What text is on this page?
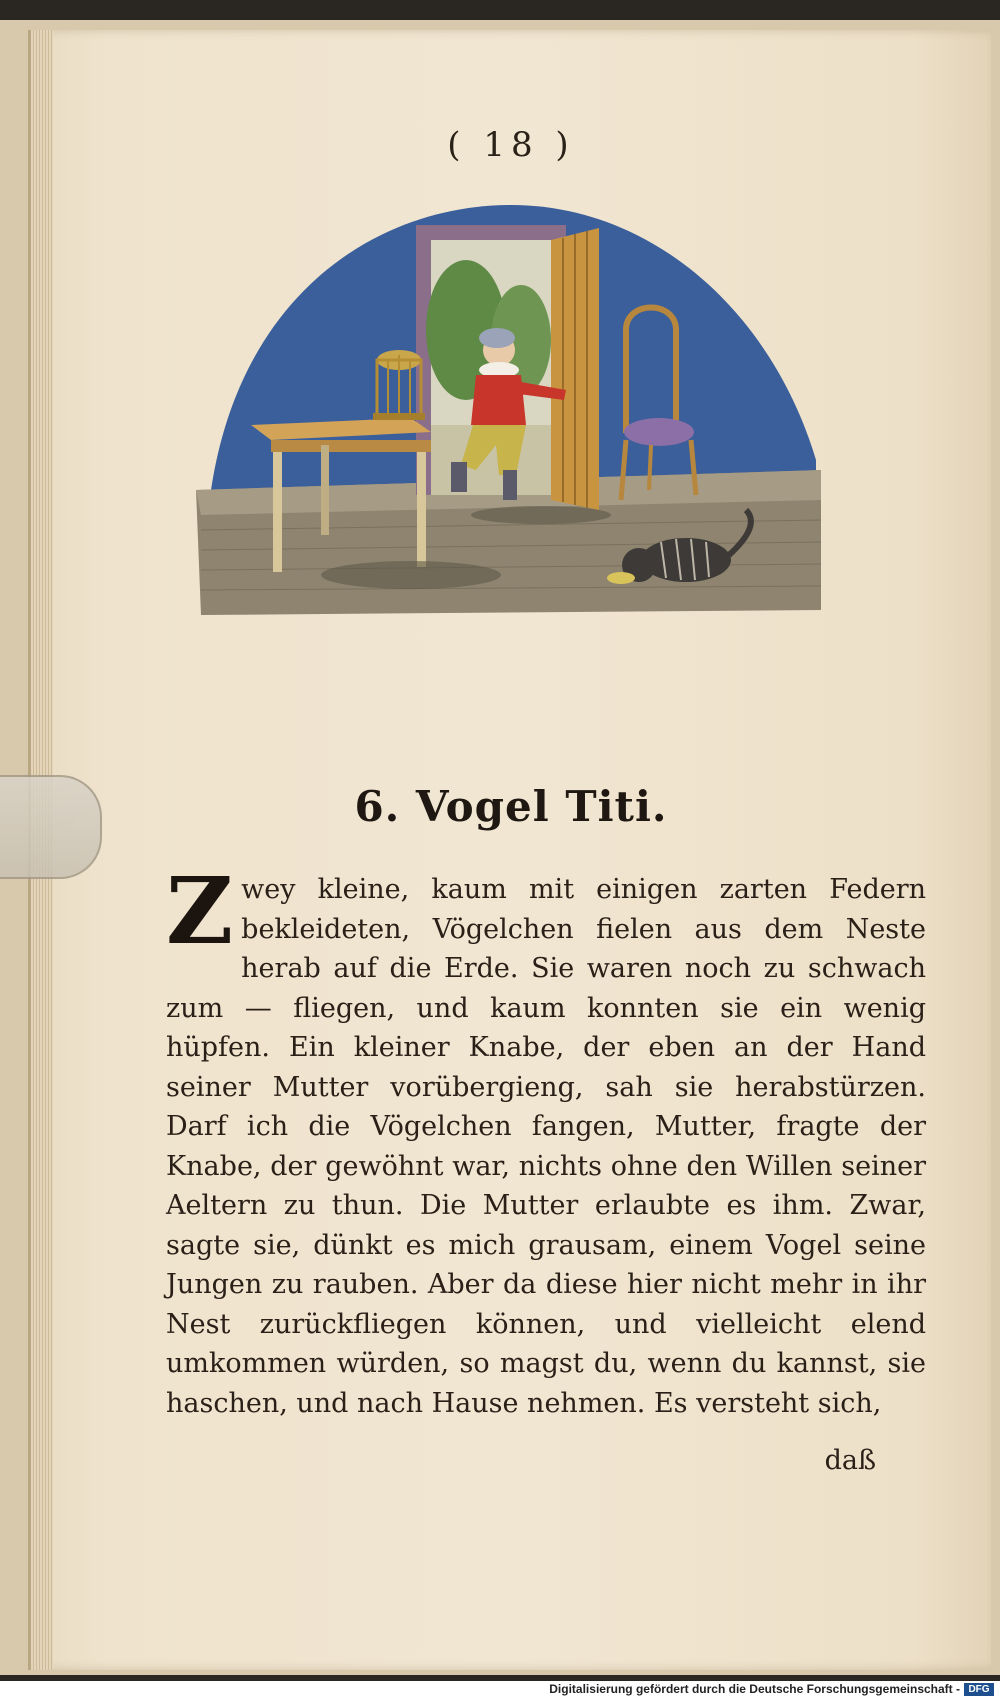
( 18 )
6. Vogel Titi.
Zwey kleine, kaum mit einigen zarten Federn bekleideten, Vögelchen fielen aus dem Neste herab auf die Erde. Sie waren noch zu schwach zum — fliegen, und kaum konnten sie ein wenig hüpfen. Ein kleiner Knabe, der eben an der Hand seiner Mutter vorübergieng, sah sie herabstürzen. Darf ich die Vögelchen fangen, Mutter, fragte der Knabe, der gewöhnt war, nichts ohne den Willen seiner Aeltern zu thun. Die Mutter erlaubte es ihm. Zwar, sagte sie, dünkt es mich grausam, einem Vogel seine Jungen zu rauben. Aber da diese hier nicht mehr in ihr Nest zurückfliegen können, und vielleicht elend umkommen würden, so magst du, wenn du kannst, sie haschen, und nach Hause nehmen. Es versteht sich,
daß
Digitalisierung gefördert durch die Deutsche Forschungsgemeinschaft - DFG
